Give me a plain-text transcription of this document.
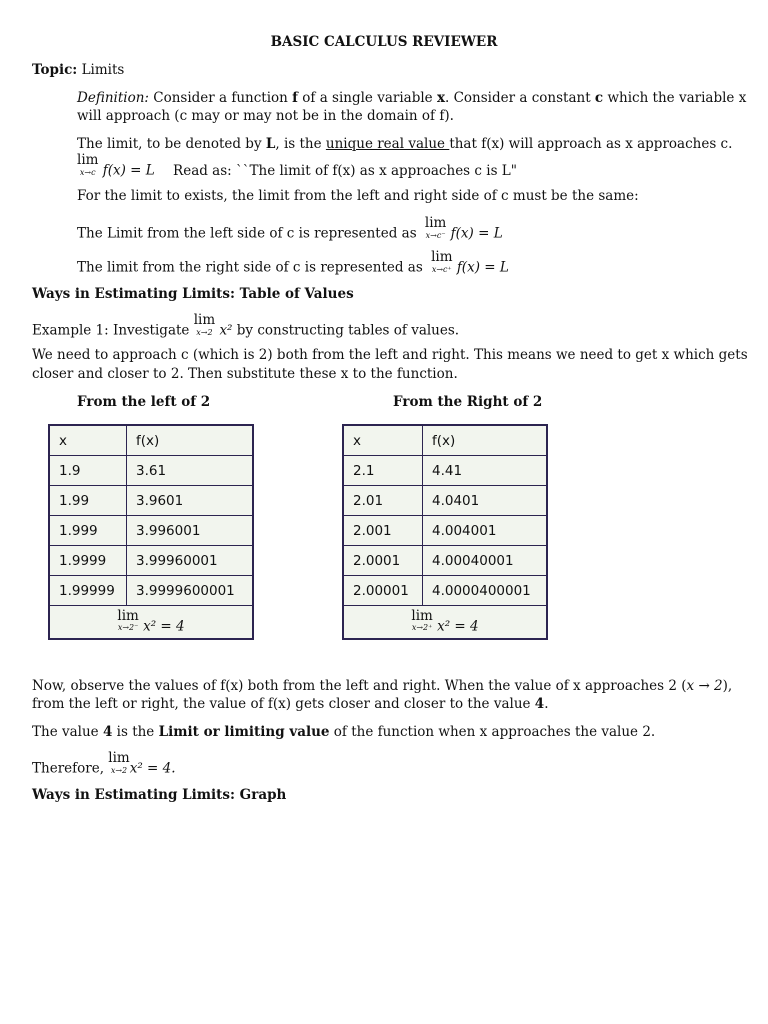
BASIC CALCULUS REVIEWER
Topic: Limits
Definition: Consider a function f of a single variable x. Consider a constant c which the variable x
will approach (c may or may not be in the domain of f).
The limit, to be denoted by L, is the unique real value that f(x) will approach as x approaches c.
lim
x→c f(x) = L Read as: ``The limit of f(x) as x approaches c is L"
For the limit to exists, the limit from the left and right side of c must be the same:
The Limit from the left side of c is represented as
lim
x→c⁻ f(x) = L
The limit from the right side of c is represented as
lim
x→c⁺ f(x) = L
Ways in Estimating Limits: Table of Values
Example 1: Investigate
lim
x→2 x² by constructing tables of values.
We need to approach c (which is 2) both from the left and right. This means we need to get x which gets
closer and closer to 2. Then substitute these x to the function.
From the left of 2	From the Right of 2
x	f(x)
1.9	3.61
1.99	3.9601
1.999	3.996001
1.9999	3.99960001
1.99999	3.9999600001

lim
x→2⁻ x² = 4	
x	f(x)
2.1	4.41
2.01	4.0401
2.001	4.004001
2.0001	4.00040001
2.00001	4.0000400001

lim
x→2⁺ x² = 4	
Now, observe the values of f(x) both from the left and right. When the value of x approaches 2 (x → 2),
from the left or right, the value of f(x) gets closer and closer to the value 4.
The value 4 is the Limit or limiting value of the function when x approaches the value 2.
Therefore,
lim
x→2 x² = 4.
Ways in Estimating Limits: Graph
